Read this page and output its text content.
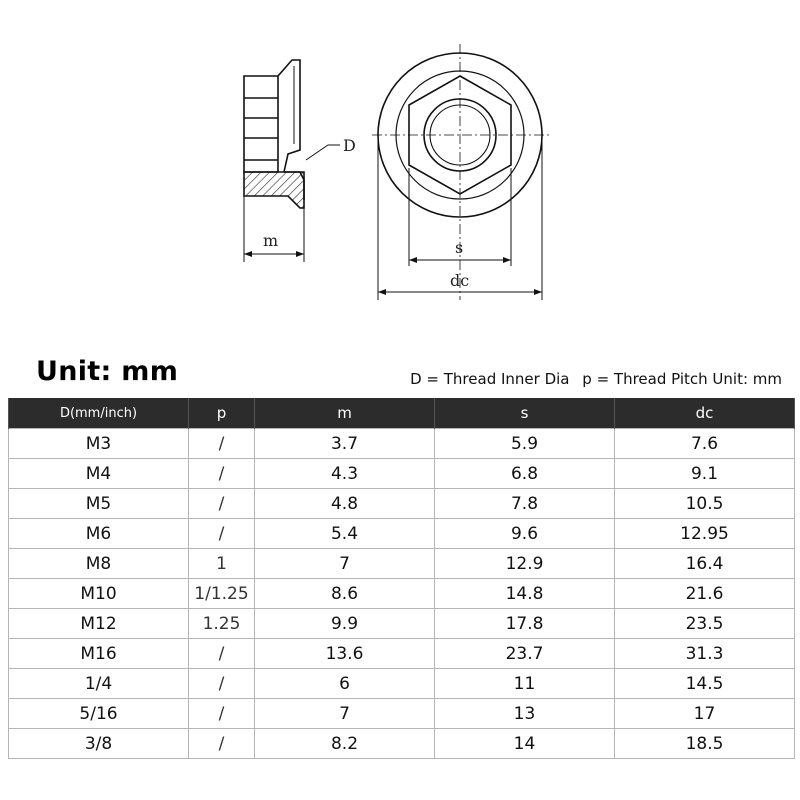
m
D
s
dc
Unit: mm	D = Thread Inner Dia p = Thread Pitch Unit: mm
D(mm/inch)	p	m	s	dc
M3	/	3.7	5.9	7.6
M4	/	4.3	6.8	9.1
M5	/	4.8	7.8	10.5
M6	/	5.4	9.6	12.95
M8	1	7	12.9	16.4
M10	1/1.25	8.6	14.8	21.6
M12	1.25	9.9	17.8	23.5
M16	/	13.6	23.7	31.3
1/4	/	6	11	14.5
5/16	/	7	13	17
3/8	/	8.2	14	18.5
